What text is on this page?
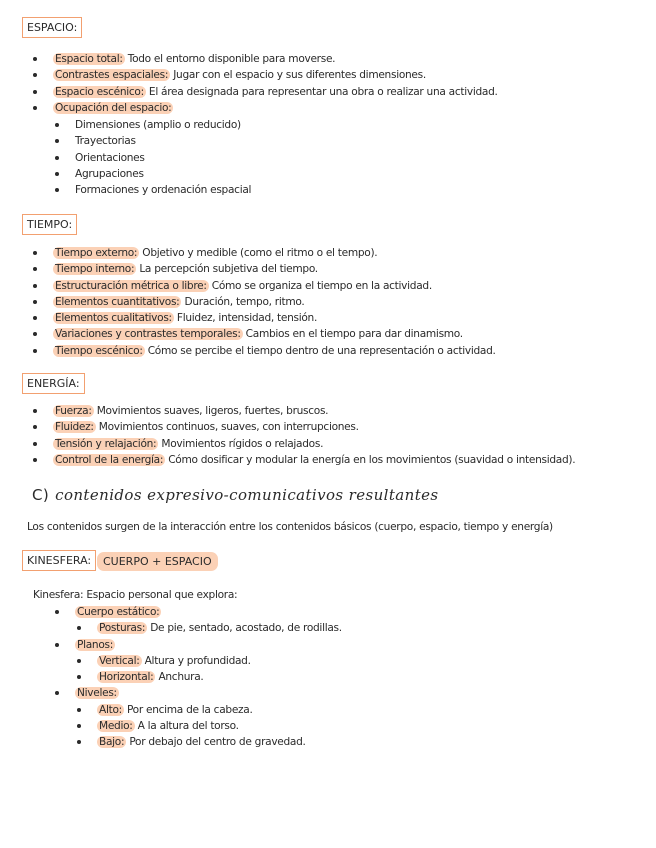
ESPACIO:
Espacio total: Todo el entorno disponible para moverse.
Contrastes espaciales: Jugar con el espacio y sus diferentes dimensiones.
Espacio escénico: El área designada para representar una obra o realizar una actividad.
Ocupación del espacio:
Dimensiones (amplio o reducido)
Trayectorias
Orientaciones
Agrupaciones
Formaciones y ordenación espacial
TIEMPO:
Tiempo externo: Objetivo y medible (como el ritmo o el tempo).
Tiempo interno: La percepción subjetiva del tiempo.
Estructuración métrica o libre: Cómo se organiza el tiempo en la actividad.
Elementos cuantitativos: Duración, tempo, ritmo.
Elementos cualitativos: Fluidez, intensidad, tensión.
Variaciones y contrastes temporales: Cambios en el tiempo para dar dinamismo.
Tiempo escénico: Cómo se percibe el tiempo dentro de una representación o actividad.
ENERGÍA:
Fuerza: Movimientos suaves, ligeros, fuertes, bruscos.
Fluidez: Movimientos continuos, suaves, con interrupciones.
Tensión y relajación: Movimientos rígidos o relajados.
Control de la energía: Cómo dosificar y modular la energía en los movimientos (suavidad o intensidad).
C) contenidos expresivo-comunicativos resultantes
Los contenidos surgen de la interacción entre los contenidos básicos (cuerpo, espacio, tiempo y energía)
KINESFERA:	CUERPO + ESPACIO
Kinesfera: Espacio personal que explora:
Cuerpo estático:
Posturas: De pie, sentado, acostado, de rodillas.
Planos:
Vertical: Altura y profundidad.
Horizontal: Anchura.
Niveles:
Alto: Por encima de la cabeza.
Medio: A la altura del torso.
Bajo: Por debajo del centro de gravedad.
